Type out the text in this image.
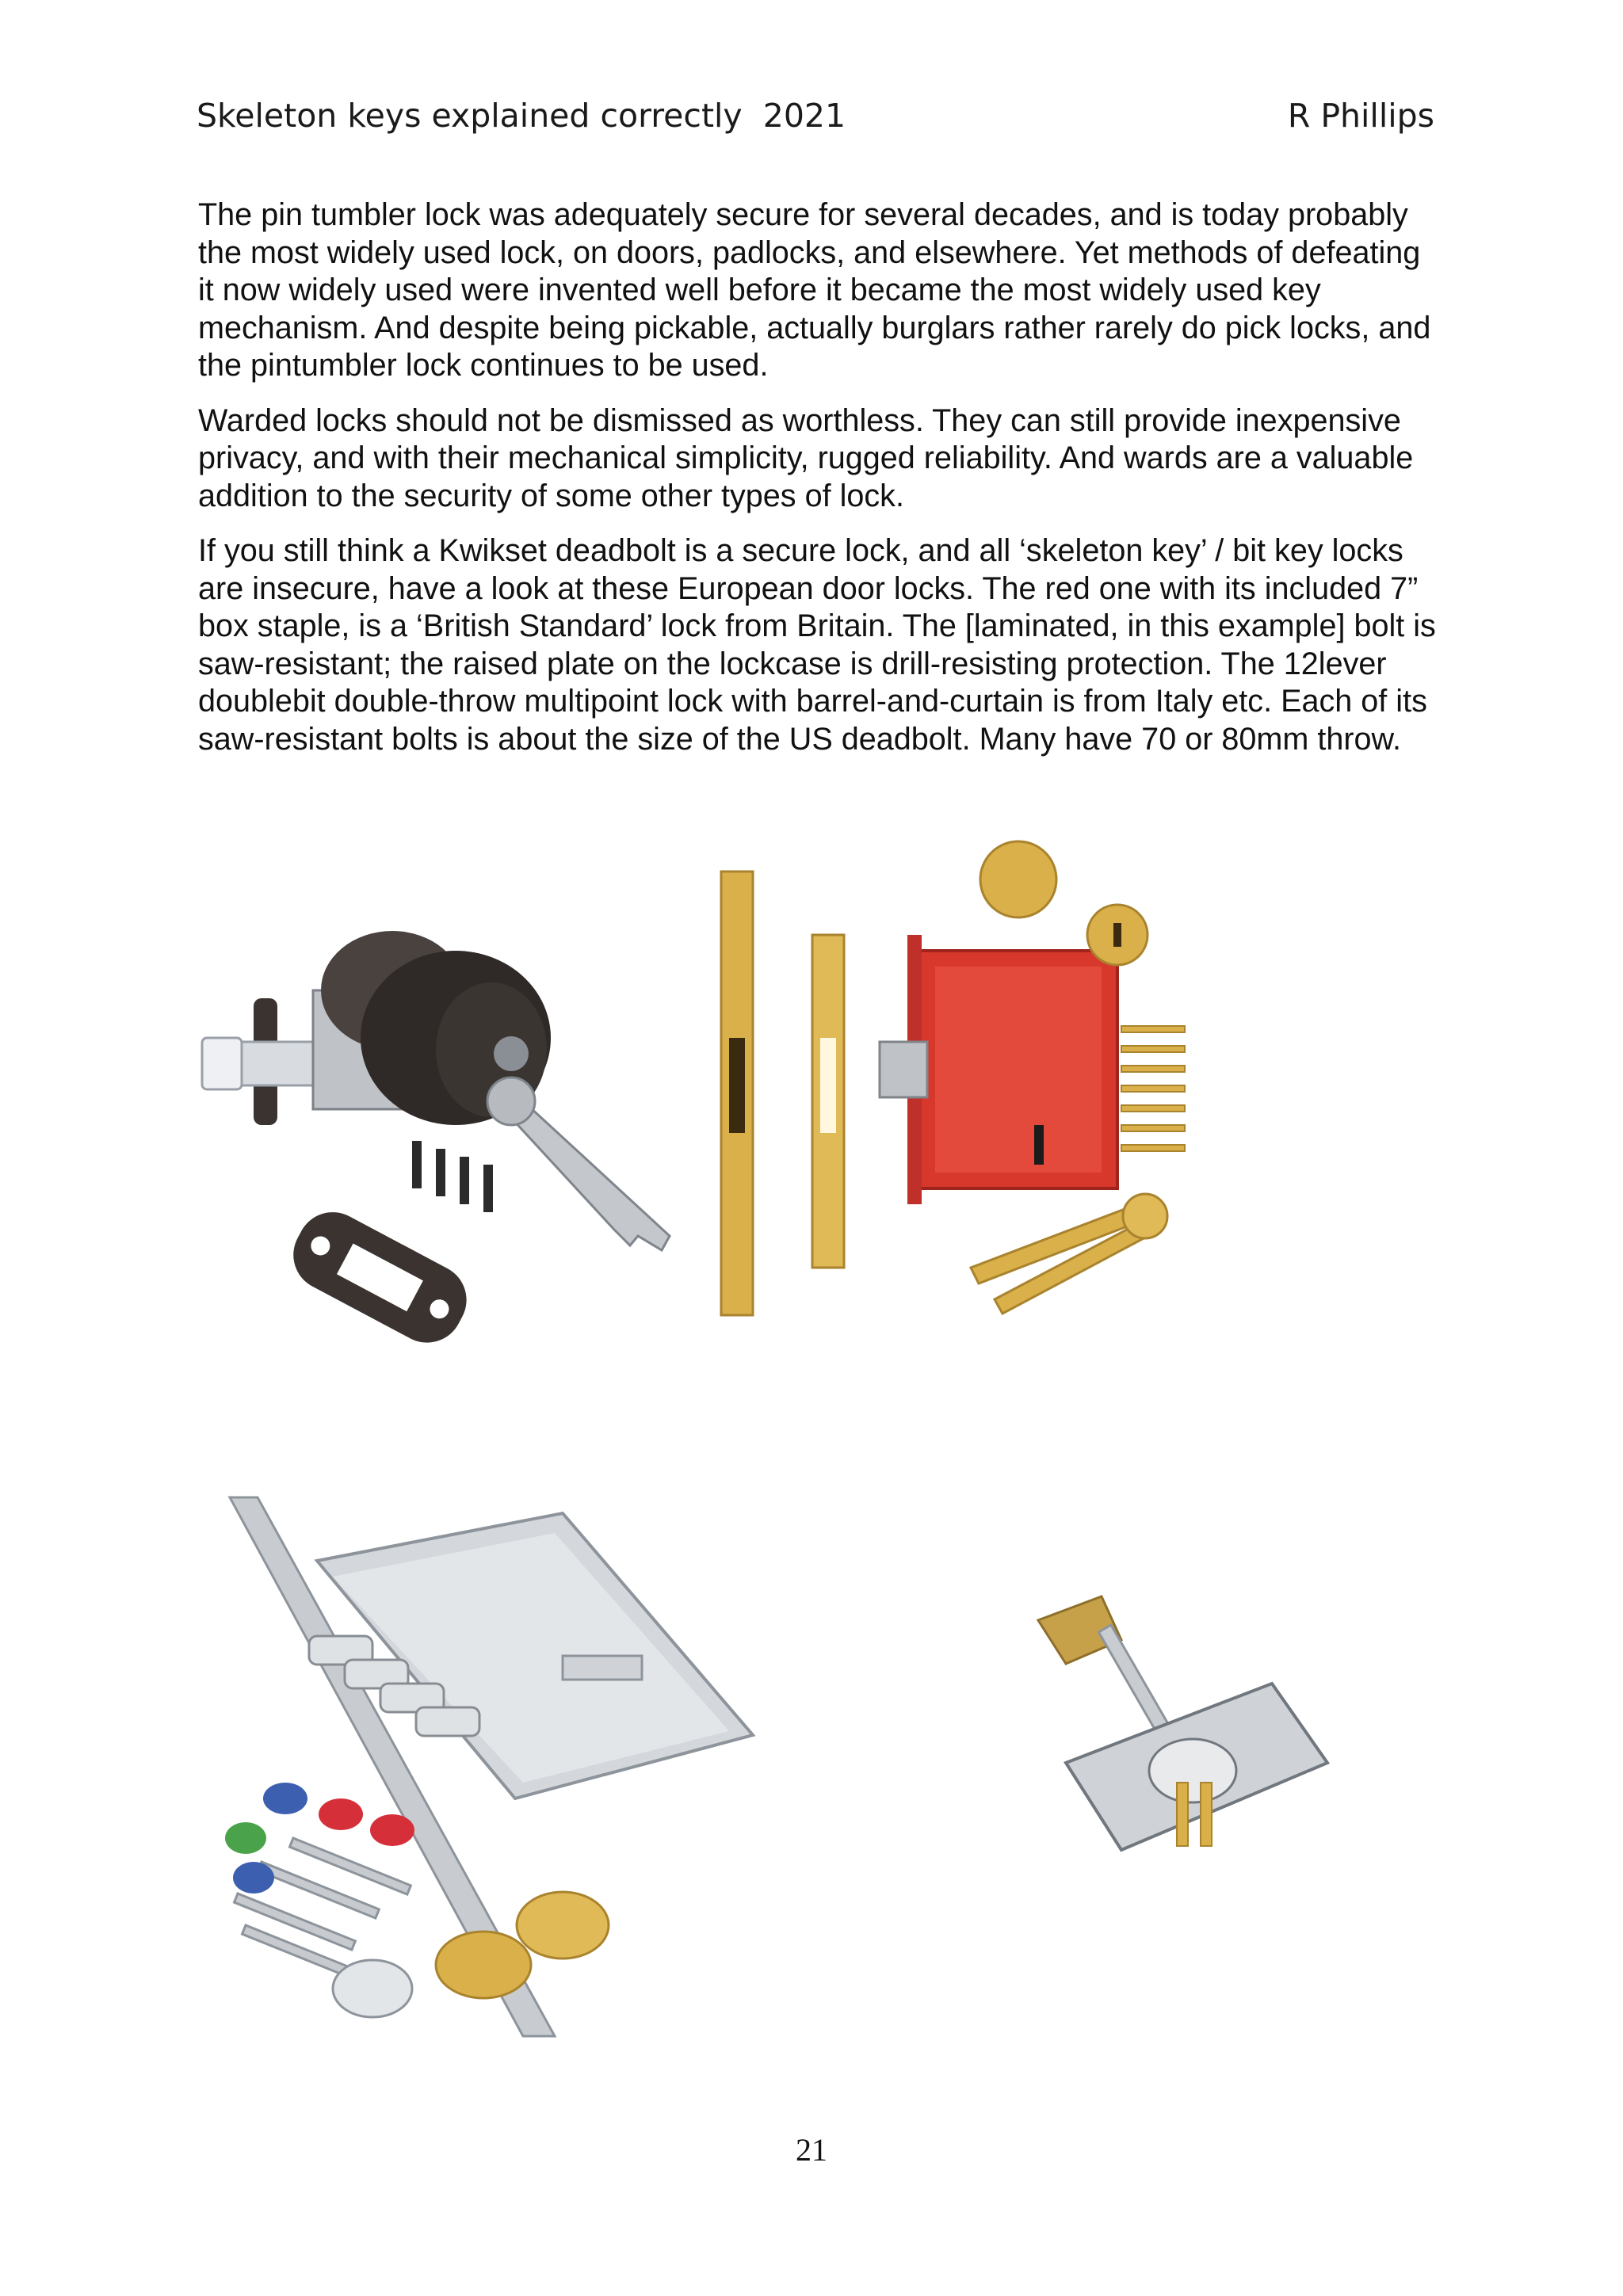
Skeleton keys explained correctly  2021	R Phillips

The pin tumbler lock was adequately secure for several decades, and is today probably the most widely used lock, on doors, padlocks, and elsewhere. Yet methods of defeating it now widely used were invented well before it became the most widely used key mechanism. And despite being pickable, actually burglars rather rarely do pick locks, and the pintumbler lock continues to be used.

Warded locks should not be dismissed as worthless. They can still provide inexpensive privacy, and with their mechanical simplicity, rugged reliability. And wards are a valuable addition to the security of some other types of lock.

If you still think a Kwikset deadbolt is a secure lock, and all ‘skeleton key’ / bit key locks are insecure, have a look at these European door locks. The red one with its included 7” box staple, is a ‘British Standard’ lock from Britain. The [laminated, in this example] bolt is saw-resistant; the raised plate on the lockcase is drill-resisting protection. The 12lever doublebit double-throw multipoint lock with barrel-and-curtain is from Italy etc. Each of its saw-resistant bolts is about the size of the US deadbolt. Many have 70 or 80mm throw.

21
